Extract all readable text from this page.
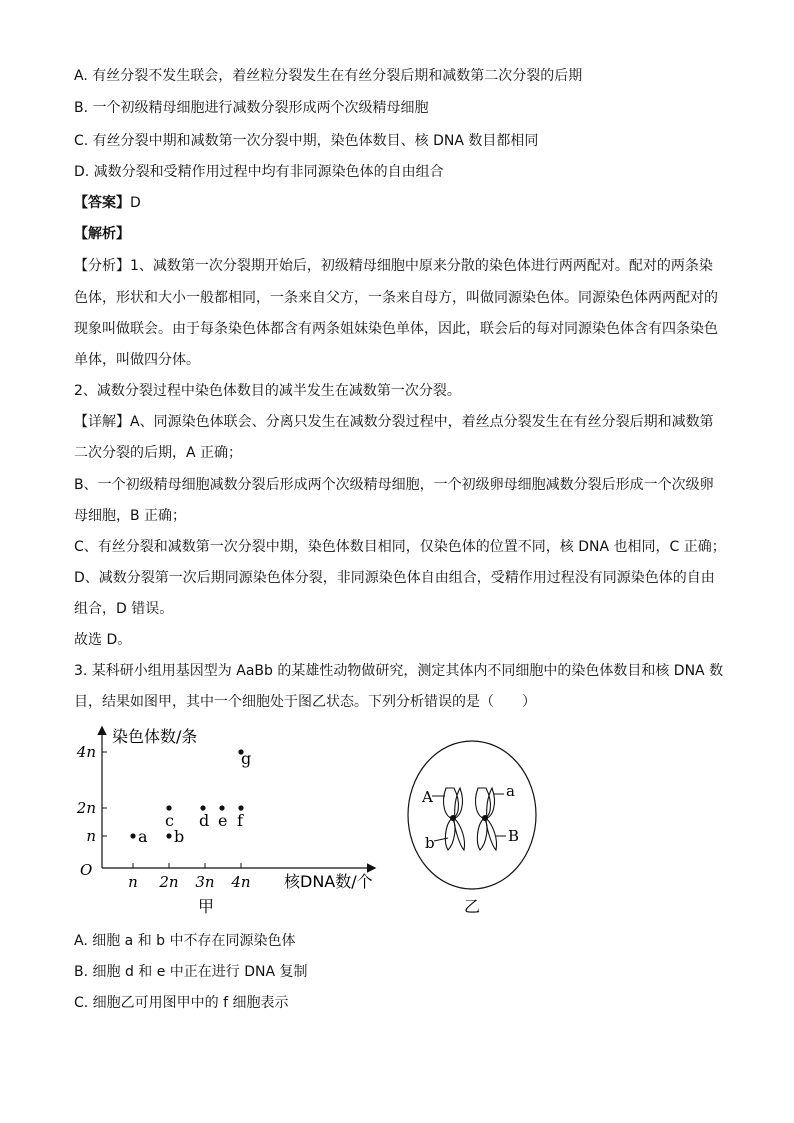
A. 有丝分裂不发生联会，着丝粒分裂发生在有丝分裂后期和减数第二次分裂的后期
B. 一个初级精母细胞进行减数分裂形成两个次级精母细胞
C. 有丝分裂中期和减数第一次分裂中期，染色体数目、核 DNA 数目都相同
D. 减数分裂和受精作用过程中均有非同源染色体的自由组合
【答案】D
【解析】
【分析】1、减数第一次分裂期开始后，初级精母细胞中原来分散的染色体进行两两配对。配对的两条染
色体，形状和大小一般都相同，一条来自父方，一条来自母方，叫做同源染色体。同源染色体两两配对的
现象叫做联会。由于每条染色体都含有两条姐妹染色单体，因此，联会后的每对同源染色体含有四条染色
单体，叫做四分体。
2、减数分裂过程中染色体数目的减半发生在减数第一次分裂。
【详解】A、同源染色体联会、分离只发生在减数分裂过程中，着丝点分裂发生在有丝分裂后期和减数第
二次分裂的后期，A 正确；
B、一个初级精母细胞减数分裂后形成两个次级精母细胞，一个初级卵母细胞减数分裂后形成一个次级卵
母细胞，B 正确；
C、有丝分裂和减数第一次分裂中期，染色体数目相同，仅染色体的位置不同，核 DNA 也相同，C 正确；
D、减数分裂第一次后期同源染色体分裂，非同源染色体自由组合，受精作用过程没有同源染色体的自由
组合，D 错误。
故选 D。
3. 某科研小组用基因型为 AaBb 的某雄性动物做研究，测定其体内不同细胞中的染色体数目和核 DNA 数
目，结果如图甲，其中一个细胞处于图乙状态。下列分析错误的是（　　）
O
染色体数/条
核DNA数/个
n 2n 3n 4n
n
2n
4n
a b
c d e f
g
甲
A	a
b	B
乙
A. 细胞 a 和 b 中不存在同源染色体
B. 细胞 d 和 e 中正在进行 DNA 复制
C. 细胞乙可用图甲中的 f 细胞表示
